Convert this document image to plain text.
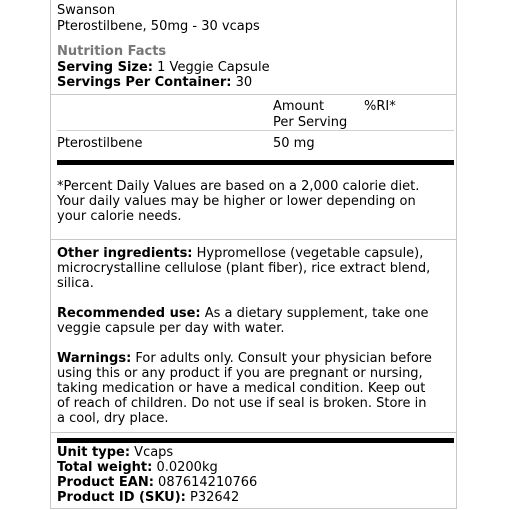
Swanson
Pterostilbene, 50mg - 30 vcaps
Nutrition Facts
Serving Size: 1 Veggie Capsule
Servings Per Container: 30
Amount
Per Serving
%RI*
Pterostilbene	50 mg
*Percent Daily Values are based on a 2,000 calorie diet.
Your daily values may be higher or lower depending on
your calorie needs.
Other ingredients: Hypromellose (vegetable capsule),
microcrystalline cellulose (plant fiber), rice extract blend,
silica.
Recommended use: As a dietary supplement, take one
veggie capsule per day with water.
Warnings: For adults only. Consult your physician before
using this or any product if you are pregnant or nursing,
taking medication or have a medical condition. Keep out
of reach of children. Do not use if seal is broken. Store in
a cool, dry place.
Unit type: Vcaps
Total weight: 0.0200kg
Product EAN: 087614210766
Product ID (SKU): P32642
